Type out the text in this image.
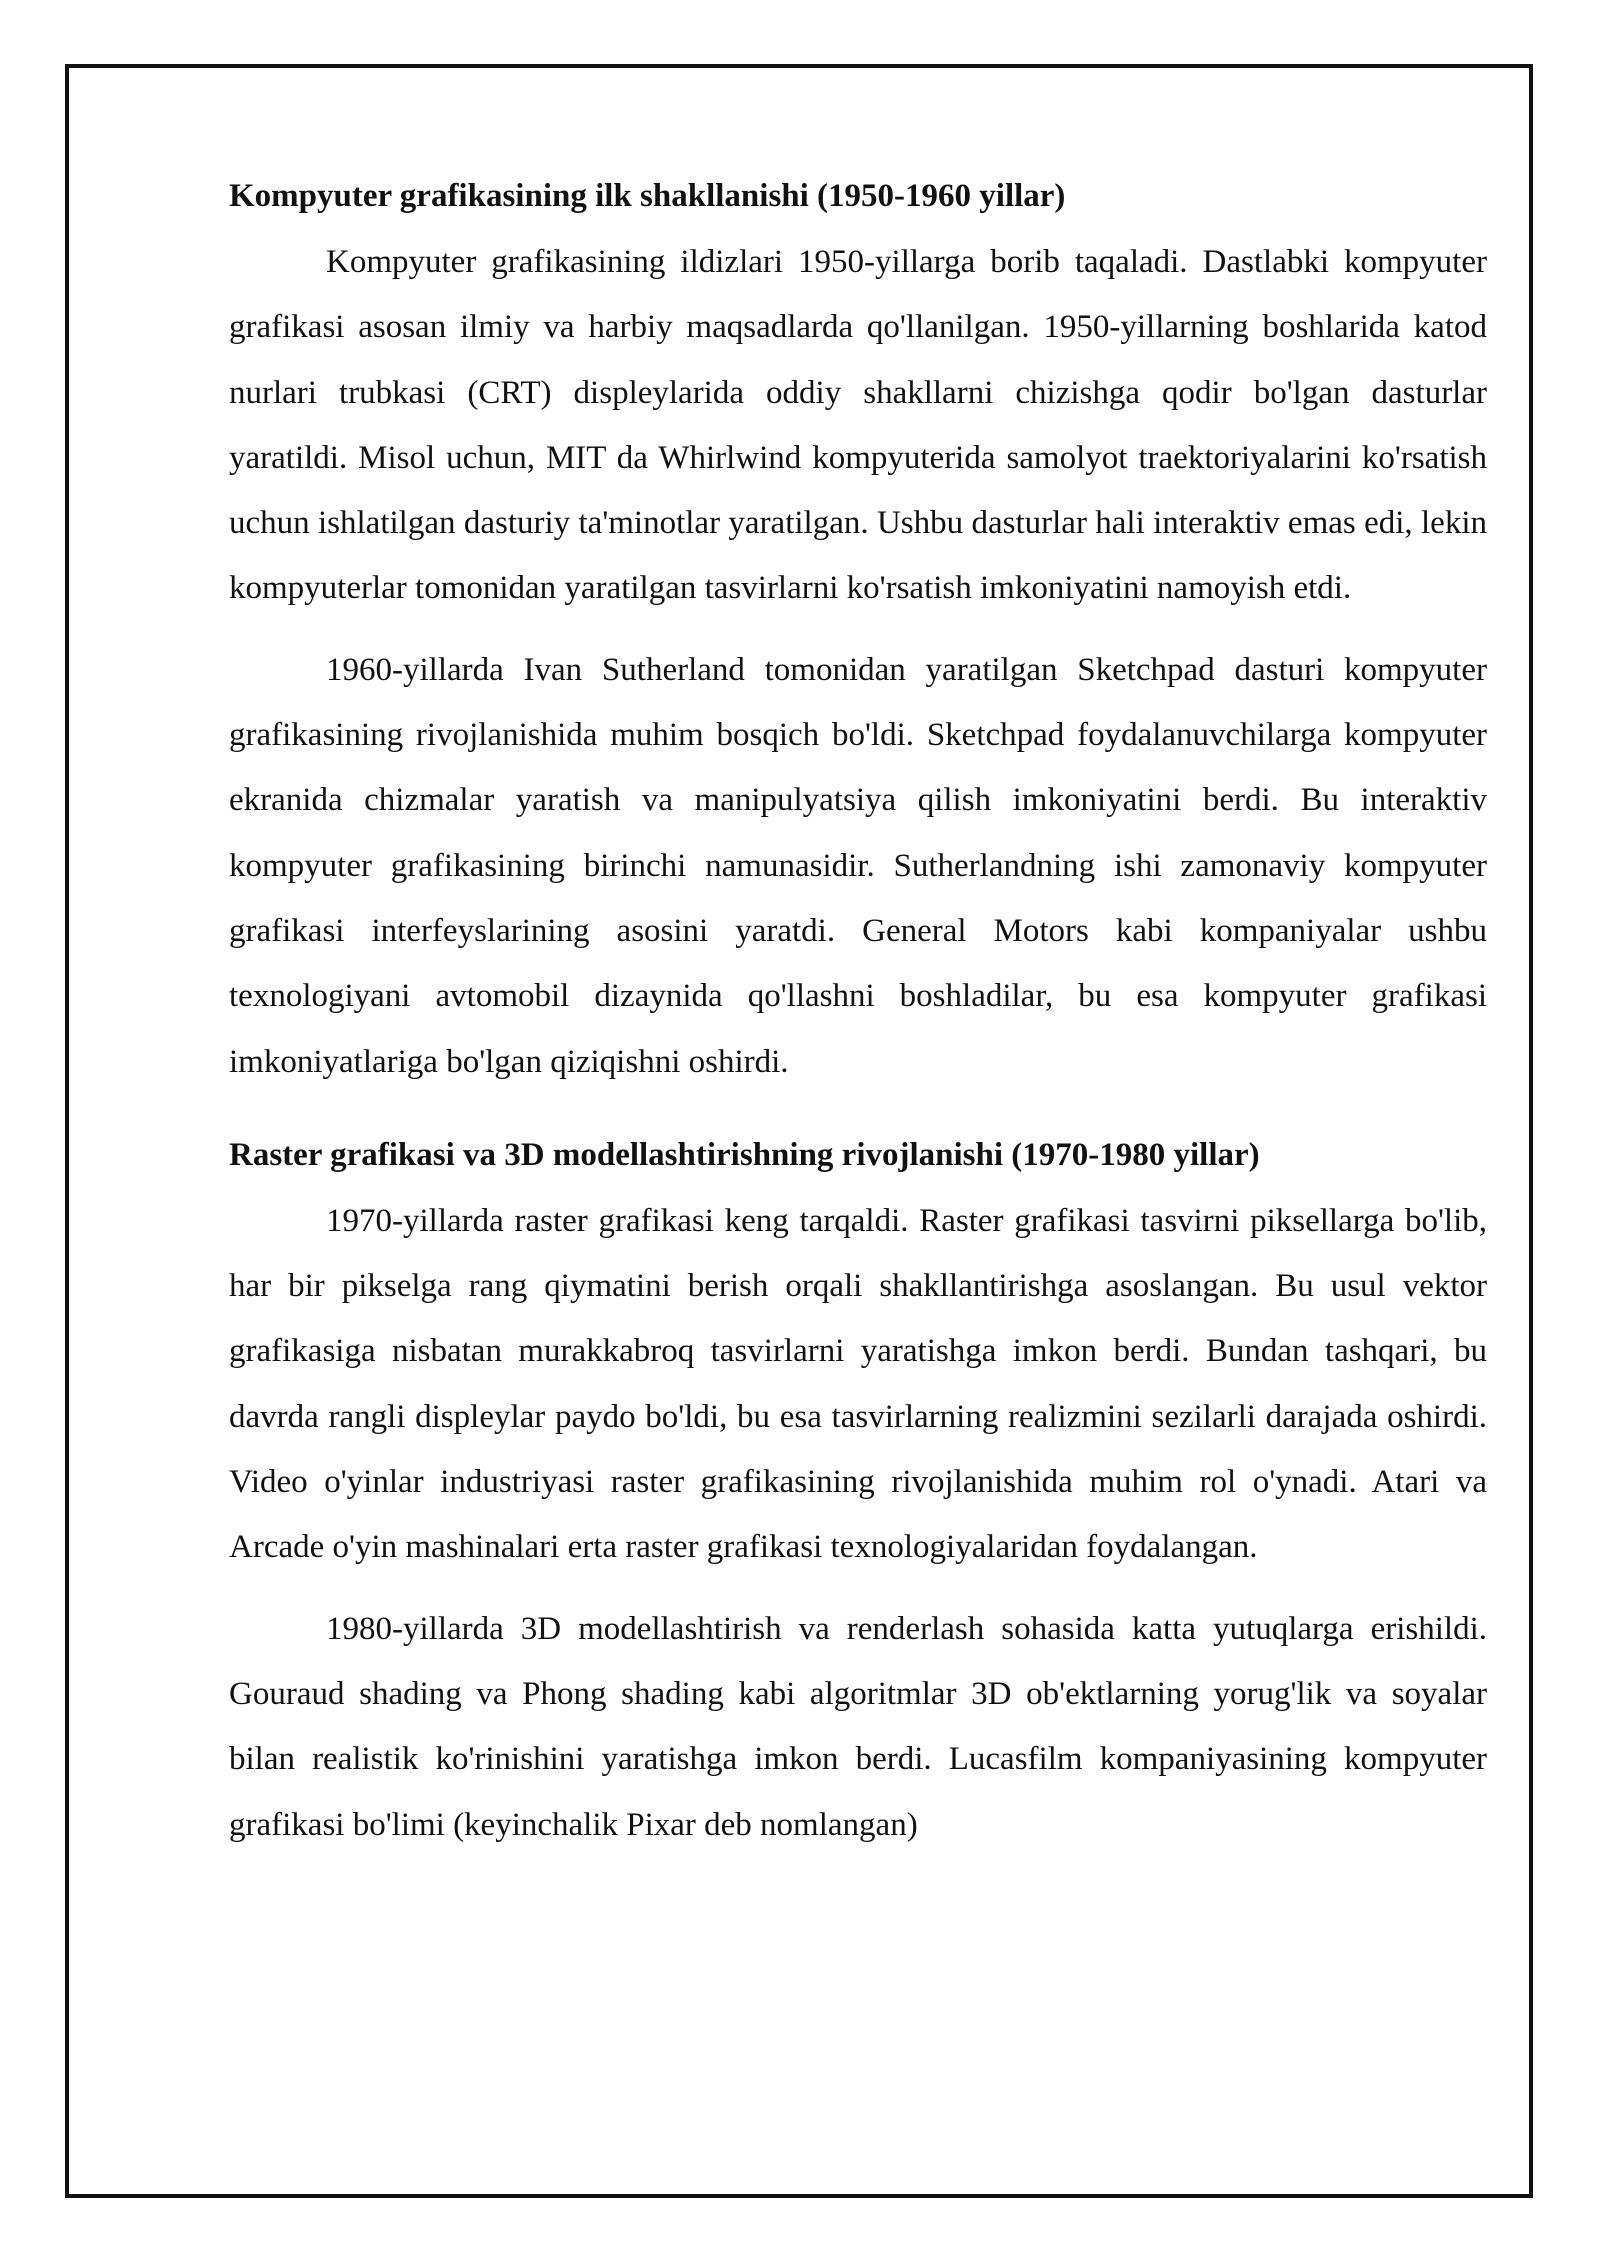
Kompyuter grafikasining ilk shakllanishi (1950-1960 yillar)

Kompyuter grafikasining ildizlari 1950-yillarga borib taqaladi. Dastlabki kompyuter grafikasi asosan ilmiy va harbiy maqsadlarda qo'llanilgan. 1950-yillarning boshlarida katod nurlari trubkasi (CRT) displeylarida oddiy shakllarni chizishga qodir bo'lgan dasturlar yaratildi. Misol uchun, MIT da Whirlwind kompyuterida samolyot traektoriyalarini ko'rsatish uchun ishlatilgan dasturiy ta'minotlar yaratilgan. Ushbu dasturlar hali interaktiv emas edi, lekin kompyuterlar tomonidan yaratilgan tasvirlarni ko'rsatish imkoniyatini namoyish etdi.

1960-yillarda Ivan Sutherland tomonidan yaratilgan Sketchpad dasturi kompyuter grafikasining rivojlanishida muhim bosqich bo'ldi. Sketchpad foydalanuvchilarga kompyuter ekranida chizmalar yaratish va manipulyatsiya qilish imkoniyatini berdi. Bu interaktiv kompyuter grafikasining birinchi namunasidir. Sutherlandning ishi zamonaviy kompyuter grafikasi interfeyslarining asosini yaratdi. General Motors kabi kompaniyalar ushbu texnologiyani avtomobil dizaynida qo'llashni boshladilar, bu esa kompyuter grafikasi imkoniyatlariga bo'lgan qiziqishni oshirdi.

Raster grafikasi va 3D modellashtirishning rivojlanishi (1970-1980 yillar)

1970-yillarda raster grafikasi keng tarqaldi. Raster grafikasi tasvirni piksellarga bo'lib, har bir pikselga rang qiymatini berish orqali shakllantirishga asoslangan. Bu usul vektor grafikasiga nisbatan murakkabroq tasvirlarni yaratishga imkon berdi. Bundan tashqari, bu davrda rangli displeylar paydo bo'ldi, bu esa tasvirlarning realizmini sezilarli darajada oshirdi. Video o'yinlar industriyasi raster grafikasining rivojlanishida muhim rol o'ynadi. Atari va Arcade o'yin mashinalari erta raster grafikasi texnologiyalaridan foydalangan.

1980-yillarda 3D modellashtirish va renderlash sohasida katta yutuqlarga erishildi. Gouraud shading va Phong shading kabi algoritmlar 3D ob'ektlarning yorug'lik va soyalar bilan realistik ko'rinishini yaratishga imkon berdi. Lucasfilm kompaniyasining kompyuter grafikasi bo'limi (keyinchalik Pixar deb nomlangan)
